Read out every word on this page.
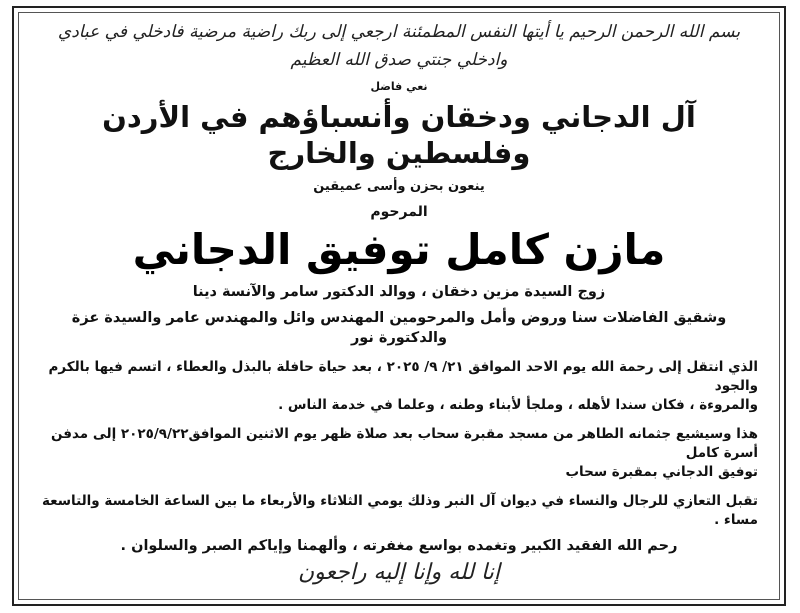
بسم الله الرحمن الرحيم يا أيتها النفس المطمئنة ارجعي إلى ربك راضية مرضية فادخلي في عبادي وادخلي جنتي صدق الله العظيم
نعي فاضل
آل الدجاني ودخقان وأنسباؤهم في الأردن وفلسطين والخارج
ينعون بحزن وأسى عميقين
المرحوم
مازن كامل توفيق الدجاني
زوج السيدة مزين دخقان ، ووالد الدكتور سامر والآنسة دينا
وشقيق الفاضلات سنا وروض وأمل والمرحومين المهندس وائل والمهندس عامر والسيدة عزة والدكتورة نور
الذي انتقل إلى رحمة الله يوم الاحد الموافق ٢١/ ٩/ ٢٠٢٥ ، بعد حياة حافلة بالبذل والعطاء ، اتسم فيها بالكرم والجود
والمروءة ، فكان سندا لأهله ، وملجأ لأبناء وطنه ، وعلما في خدمة الناس .
هذا وسيشيع جثمانه الطاهر من مسجد مقبرة سحاب بعد صلاة ظهر يوم الاثنين الموافق٢٠٢٥/٩/٢٢ إلى مدفن أسرة كامل
توفيق الدجاني بمقبرة سحاب
تقبل التعازي للرجال والنساء في ديوان آل النبر وذلك يومي الثلاثاء والأربعاء ما بين الساعة الخامسة والتاسعة مساء .
رحم الله الفقيد الكبير وتغمده بواسع مغفرته ، وألهمنا وإياكم الصبر والسلوان .
إنا لله وإنا إليه راجعون
